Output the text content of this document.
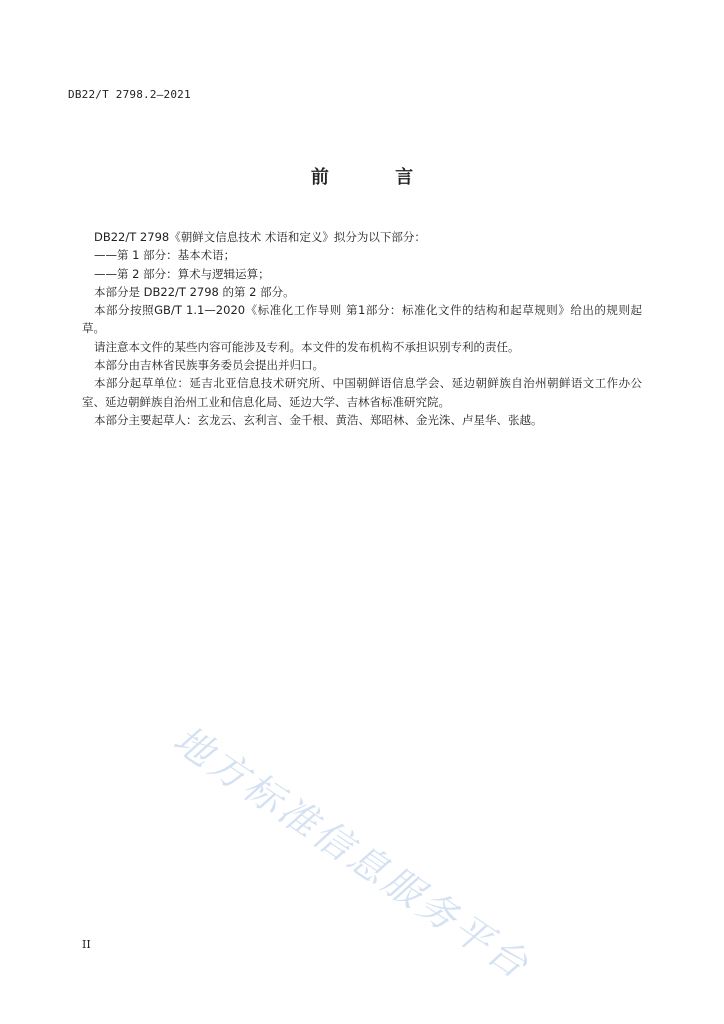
DB22/T 2798.2—2021
前 言

DB22/T 2798《朝鲜文信息技术 术语和定义》拟分为以下部分：

——第 1 部分：基本术语；

——第 2 部分：算术与逻辑运算；

本部分是 DB22/T 2798 的第 2 部分。

本部分按照GB/T 1.1—2020《标准化工作导则 第1部分：标准化文件的结构和起草规则》给出的规则起草。

请注意本文件的某些内容可能涉及专利。本文件的发布机构不承担识别专利的责任。

本部分由吉林省民族事务委员会提出并归口。

本部分起草单位：延吉北亚信息技术研究所、中国朝鲜语信息学会、延边朝鲜族自治州朝鲜语文工作办公室、延边朝鲜族自治州工业和信息化局、延边大学、吉林省标准研究院。

本部分主要起草人：玄龙云、玄利言、金千根、黄浩、郑昭林、金光洙、卢星华、张越。

地方标准信息服务平台
II
